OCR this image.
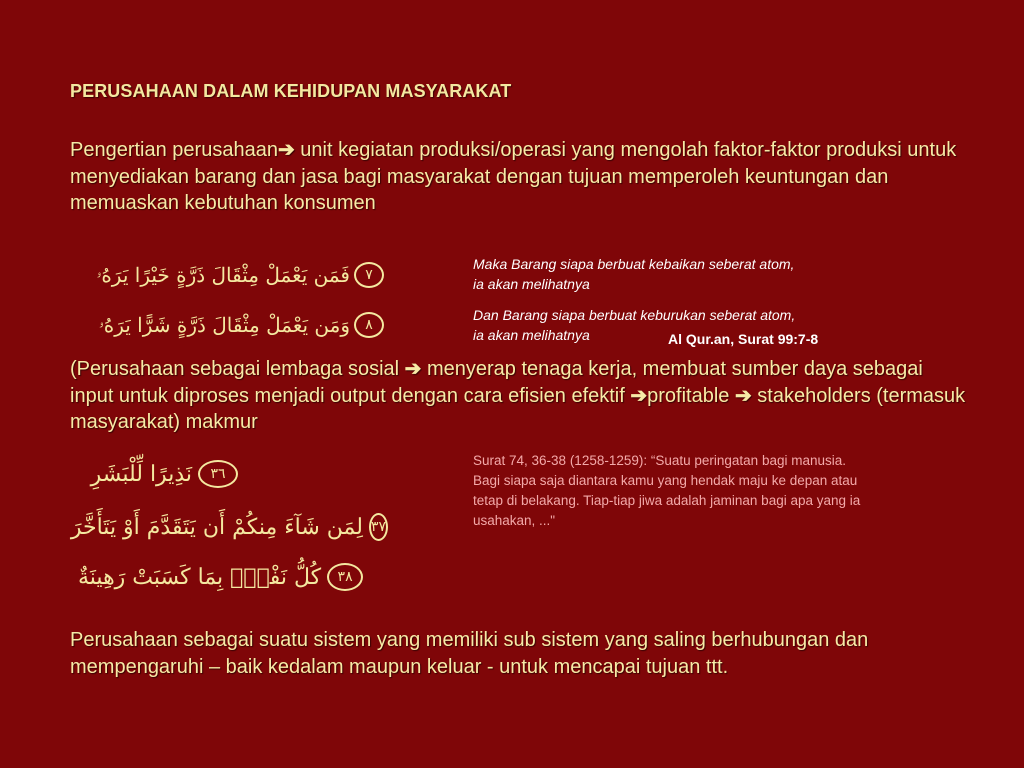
PERUSAHAAN DALAM KEHIDUPAN MASYARAKAT
Pengertian perusahaan➔ unit kegiatan produksi/operasi yang mengolah faktor-faktor produksi untuk menyediakan barang dan jasa bagi masyarakat dengan tujuan memperoleh keuntungan dan memuaskan kebutuhan konsumen
٧
فَمَن يَعْمَلْ مِثْقَالَ ذَرَّةٍ خَيْرًا يَرَهُۥ
٨
وَمَن يَعْمَلْ مِثْقَالَ ذَرَّةٍ شَرًّا يَرَهُۥ
Maka Barang siapa berbuat kebaikan seberat atom,
ia akan melihatnya
Dan Barang siapa berbuat keburukan seberat atom,
ia akan melihatnya	Al Qur.an, Surat 99:7-8
(Perusahaan sebagai lembaga sosial ➔ menyerap tenaga kerja, membuat sumber daya sebagai input untuk diproses menjadi output dengan cara efisien efektif ➔profitable ➔ stakeholders (termasuk masyarakat) makmur
٣٦
نَذِيرًا لِّلْبَشَرِ
٣٧
لِمَن شَآءَ مِنكُمْ أَن يَتَقَدَّمَ أَوْ يَتَأَخَّرَ
٣٨
كُلُّ نَفْسٍۭ بِمَا كَسَبَتْ رَهِينَةٌ
Surat 74, 36-38 (1258-1259): “Suatu peringatan bagi manusia.
Bagi siapa saja diantara kamu yang hendak maju ke depan atau
tetap di belakang. Tiap-tiap jiwa adalah jaminan bagi apa yang ia
usahakan, ..."
Perusahaan sebagai suatu sistem yang memiliki sub sistem yang saling berhubungan dan mempengaruhi – baik kedalam maupun keluar - untuk mencapai tujuan ttt.
